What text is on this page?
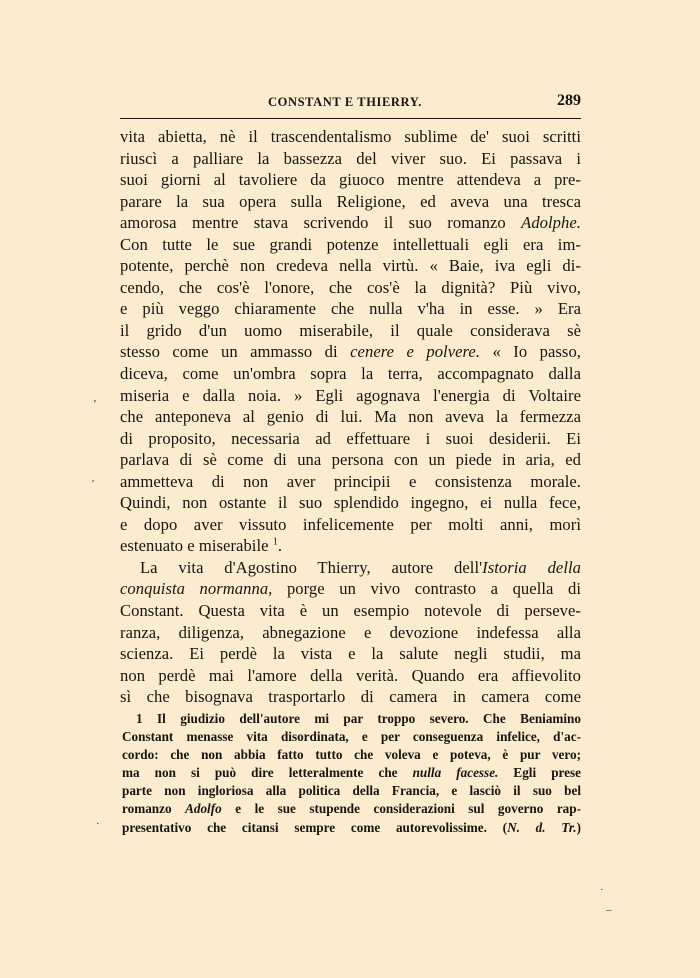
CONSTANT E THIERRY.	289
vita abietta, nè il trascendentalismo sublime de' suoi scritti
riuscì a palliare la bassezza del viver suo. Ei passava i
suoi giorni al tavoliere da giuoco mentre attendeva a pre-
parare la sua opera sulla Religione, ed aveva una tresca
amorosa mentre stava scrivendo il suo romanzo Adolphe.
Con tutte le sue grandi potenze intellettuali egli era im-
potente, perchè non credeva nella virtù. « Baie, iva egli di-
cendo, che cos'è l'onore, che cos'è la dignità? Più vivo,
e più veggo chiaramente che nulla v'ha in esse. » Era
il grido d'un uomo miserabile, il quale considerava sè
stesso come un ammasso di cenere e polvere. « Io passo,
diceva, come un'ombra sopra la terra, accompagnato dalla
miseria e dalla noia. » Egli agognava l'energia di Voltaire
che anteponeva al genio di lui. Ma non aveva la fermezza
di proposito, necessaria ad effettuare i suoi desiderii. Ei
parlava di sè come di una persona con un piede in aria, ed
ammetteva di non aver principii e consistenza morale.
Quindi, non ostante il suo splendido ingegno, ei nulla fece,
e dopo aver vissuto infelicemente per molti anni, morì
estenuato e miserabile $^1$.
La vita d'Agostino Thierry, autore dell'Istoria della
conquista normanna, porge un vivo contrasto a quella di
Constant. Questa vita è un esempio notevole di perseve-
ranza, diligenza, abnegazione e devozione indefessa alla
scienza. Ei perdè la vista e la salute negli studii, ma
non perdè mai l'amore della verità. Quando era affievolito
sì che bisognava trasportarlo di camera in camera come
1 Il giudizio dell'autore mi par troppo severo. Che Beniamino
Constant menasse vita disordinata, e per conseguenza infelice, d'ac-
cordo: che non abbia fatto tutto che voleva e poteva, è pur vero;
ma non si può dire letteralmente che nulla facesse. Egli prese
parte non ingloriosa alla politica della Francia, e lasciò il suo bel
romanzo Adolfo e le sue stupende considerazioni sul governo rap-
presentativo che citansi sempre come autorevolissime. (N. d. Tr.)
ʼ
ʹ
·
·
–
